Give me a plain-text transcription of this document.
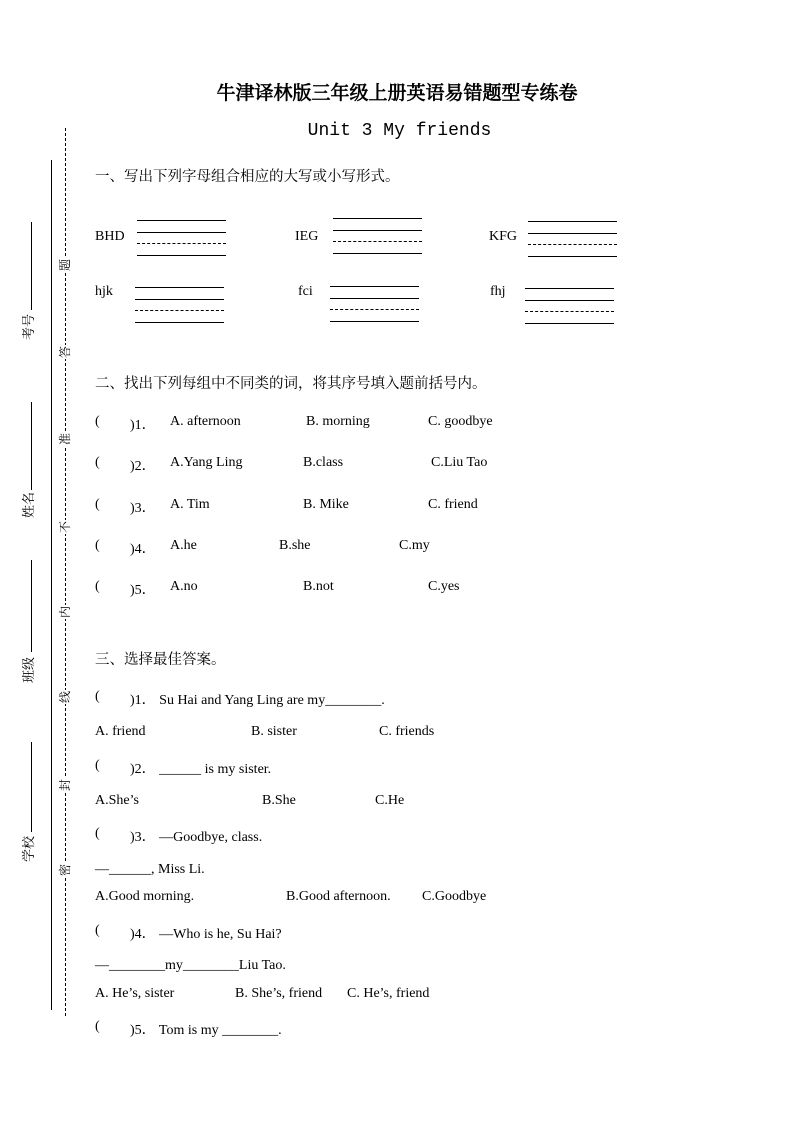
牛津译林版三年级上册英语易错题型专练卷
Unit 3 My friends
考号
姓名
班级
学校
题
答
准
不
内
线
封
密
一、写出下列字母组合相应的大写或小写形式。
BHD	IEG	KFG
hjk	fci	fhj
二、找出下列每组中不同类的词，将其序号填入题前括号内。
( )1． A. afternoon	B. morning	C. goodbye
( )2． A.Yang Ling	B.class	C.Liu Tao
( )3． A. Tim	B. Mike	C. friend
( )4． A.he	B.she	C.my
( )5． A.no	B.not	C.yes
三、选择最佳答案。
( )1． Su Hai and Yang Ling are my________.
A. friend	B. sister	C. friends
( )2． ______ is my sister.
A.She’s	B.She	C.He
( )3． —Goodbye, class.
—______, Miss Li.
A.Good morning.	B.Good afternoon. C.Goodbye
( )4． —Who is he, Su Hai?
—________my________Liu Tao.
A. He’s, sister	B. She’s, friend C. He’s, friend
( )5． Tom is my ________.
